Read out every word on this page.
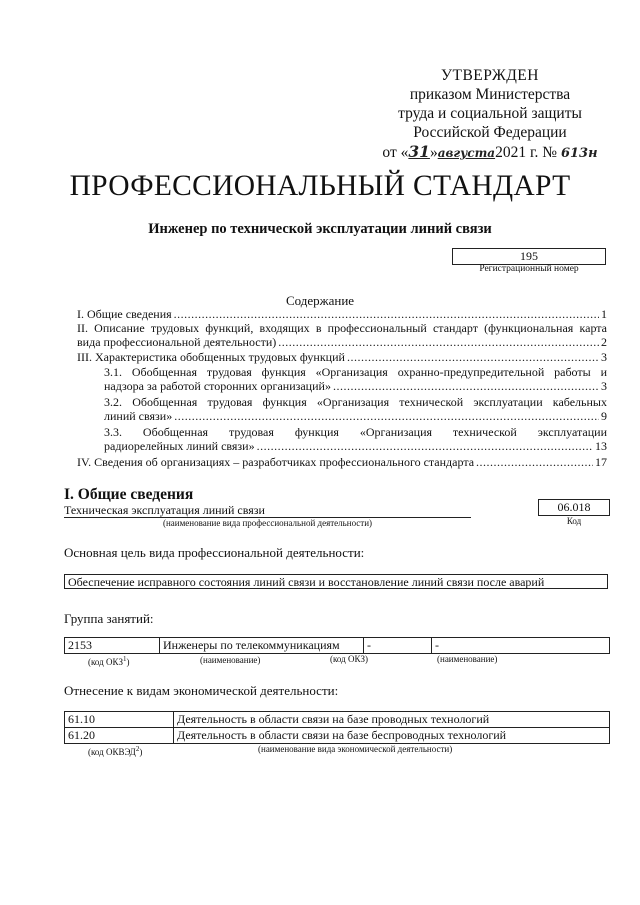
УТВЕРЖДЕН
приказом Министерства
труда и социальной защиты
Российской Федерации
от «31»августа2021 г. № 613н
ПРОФЕССИОНАЛЬНЫЙ СТАНДАРТ
Инженер по технической эксплуатации линий связи
195
Регистрационный номер
Содержание
I. Общие сведения .....	1
II. Описание трудовых функций, входящих в профессиональный стандарт (функциональная карта
вида профессиональной деятельности) .....	2
III. Характеристика обобщенных трудовых функций .....	3
3.1. Обобщенная трудовая функция «Организация охранно-предупредительной работы и
надзора за работой сторонних организаций» .....	3
3.2. Обобщенная трудовая функция «Организация технической эксплуатации кабельных
линий связи» .....	9
3.3. Обобщенная трудовая функция «Организация технической эксплуатации
радиорелейных линий связи» .....	13
IV. Сведения об организациях – разработчиках профессионального стандарта .....	17
I. Общие сведения
Техническая эксплуатация линий связи
(наименование вида профессиональной деятельности)
06.018
Код
Основная цель вида профессиональной деятельности:
Обеспечение исправного состояния линий связи и восстановление линий связи после аварий
Группа занятий:
2153	Инженеры по телекоммуникациям	-	-
(код ОКЗ$^1$)	(наименование)	(код ОКЗ)	(наименование)
Отнесение к видам экономической деятельности:
61.10	Деятельность в области связи на базе проводных технологий
61.20	Деятельность в области связи на базе беспроводных технологий
(код ОКВЭД$^2$)	(наименование вида экономической деятельности)
